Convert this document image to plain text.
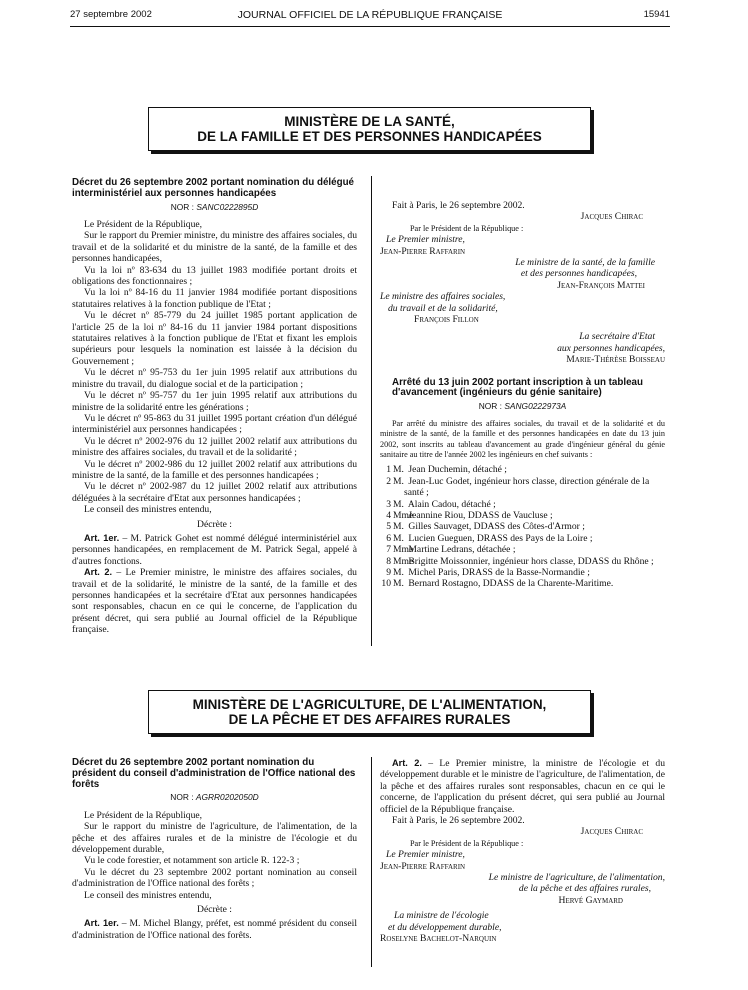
27 septembre 2002	JOURNAL OFFICIEL DE LA RÉPUBLIQUE FRANÇAISE	15941
MINISTÈRE DE LA SANTÉ,
DE LA FAMILLE ET DES PERSONNES HANDICAPÉES
Décret du 26 septembre 2002 portant nomination du délégué interministériel aux personnes handicapées
NOR : SANC0222895D

Le Président de la République,

Sur le rapport du Premier ministre, du ministre des affaires sociales, du travail et de la solidarité et du ministre de la santé, de la famille et des personnes handicapées,

Vu la loi nº 83-634 du 13 juillet 1983 modifiée portant droits et obligations des fonctionnaires ;

Vu la loi nº 84-16 du 11 janvier 1984 modifiée portant dispositions statutaires relatives à la fonction publique de l'Etat ;

Vu le décret nº 85-779 du 24 juillet 1985 portant application de l'article 25 de la loi nº 84-16 du 11 janvier 1984 portant dispositions statutaires relatives à la fonction publique de l'Etat et fixant les emplois supérieurs pour lesquels la nomination est laissée à la décision du Gouvernement ;

Vu le décret nº 95-753 du 1er juin 1995 relatif aux attributions du ministre du travail, du dialogue social et de la participation ;

Vu le décret nº 95-757 du 1er juin 1995 relatif aux attributions du ministre de la solidarité entre les générations ;

Vu le décret nº 95-863 du 31 juillet 1995 portant création d'un délégué interministériel aux personnes handicapées ;

Vu le décret nº 2002-976 du 12 juillet 2002 relatif aux attributions du ministre des affaires sociales, du travail et de la solidarité ;

Vu le décret nº 2002-986 du 12 juillet 2002 relatif aux attributions du ministre de la santé, de la famille et des personnes handicapées ;

Vu le décret nº 2002-987 du 12 juillet 2002 relatif aux attributions déléguées à la secrétaire d'Etat aux personnes handicapées ;

Le conseil des ministres entendu,

Décrète :

Art. 1er. – M. Patrick Gohet est nommé délégué interministériel aux personnes handicapées, en remplacement de M. Patrick Segal, appelé à d'autres fonctions.

Art. 2. – Le Premier ministre, le ministre des affaires sociales, du travail et de la solidarité, le ministre de la santé, de la famille et des personnes handicapées et la secrétaire d'Etat aux personnes handicapées sont responsables, chacun en ce qui le concerne, de l'application du présent décret, qui sera publié au Journal officiel de la République française.

Fait à Paris, le 26 septembre 2002.

Jacques Chirac

Par le Président de la République :

Le Premier ministre,

Jean-Pierre Raffarin

Le ministre de la santé, de la famille

et des personnes handicapées,

Jean-François Mattei

Le ministre des affaires sociales,

du travail et de la solidarité,

François Fillon

La secrétaire d'Etat

aux personnes handicapées,

Marie-Thérèse Boisseau

Arrêté du 13 juin 2002 portant inscription à un tableau d'avancement (ingénieurs du génie sanitaire)
NOR : SANG0222973A

Par arrêté du ministre des affaires sociales, du travail et de la solidarité et du ministre de la santé, de la famille et des personnes handicapées en date du 13 juin 2002, sont inscrits au tableau d'avancement au grade d'ingénieur général du génie sanitaire au titre de l'année 2002 les ingénieurs en chef suivants :

1 M. Jean Duchemin, détaché ;
2 M. Jean-Luc Godet, ingénieur hors classe, direction générale de la santé ;
3 M. Alain Cadou, détaché ;
4 Mme Jeannine Riou, DDASS de Vaucluse ;
5 M. Gilles Sauvaget, DDASS des Côtes-d'Armor ;
6 M. Lucien Gueguen, DRASS des Pays de la Loire ;
7 Mme Martine Ledrans, détachée ;
8 Mme Brigitte Moissonnier, ingénieur hors classe, DDASS du Rhône ;
9 M. Michel Paris, DRASS de la Basse-Normandie ;
10 M. Bernard Rostagno, DDASS de la Charente-Maritime.
MINISTÈRE DE L'AGRICULTURE, DE L'ALIMENTATION,
DE LA PÊCHE ET DES AFFAIRES RURALES
Décret du 26 septembre 2002 portant nomination du président du conseil d'administration de l'Office national des forêts
NOR : AGRR0202050D

Le Président de la République,

Sur le rapport du ministre de l'agriculture, de l'alimentation, de la pêche et des affaires rurales et de la ministre de l'écologie et du développement durable,

Vu le code forestier, et notamment son article R. 122-3 ;

Vu le décret du 23 septembre 2002 portant nomination au conseil d'administration de l'Office national des forêts ;

Le conseil des ministres entendu,

Décrète :

Art. 1er. – M. Michel Blangy, préfet, est nommé président du conseil d'administration de l'Office national des forêts.

Art. 2. – Le Premier ministre, la ministre de l'écologie et du développement durable et le ministre de l'agriculture, de l'alimentation, de la pêche et des affaires rurales sont responsables, chacun en ce qui le concerne, de l'application du présent décret, qui sera publié au Journal officiel de la République française.

Fait à Paris, le 26 septembre 2002.

Jacques Chirac

Par le Président de la République :

Le Premier ministre,

Jean-Pierre Raffarin

Le ministre de l'agriculture, de l'alimentation,

de la pêche et des affaires rurales,

Hervé Gaymard

La ministre de l'écologie

et du développement durable,

Roselyne Bachelot-Narquin
